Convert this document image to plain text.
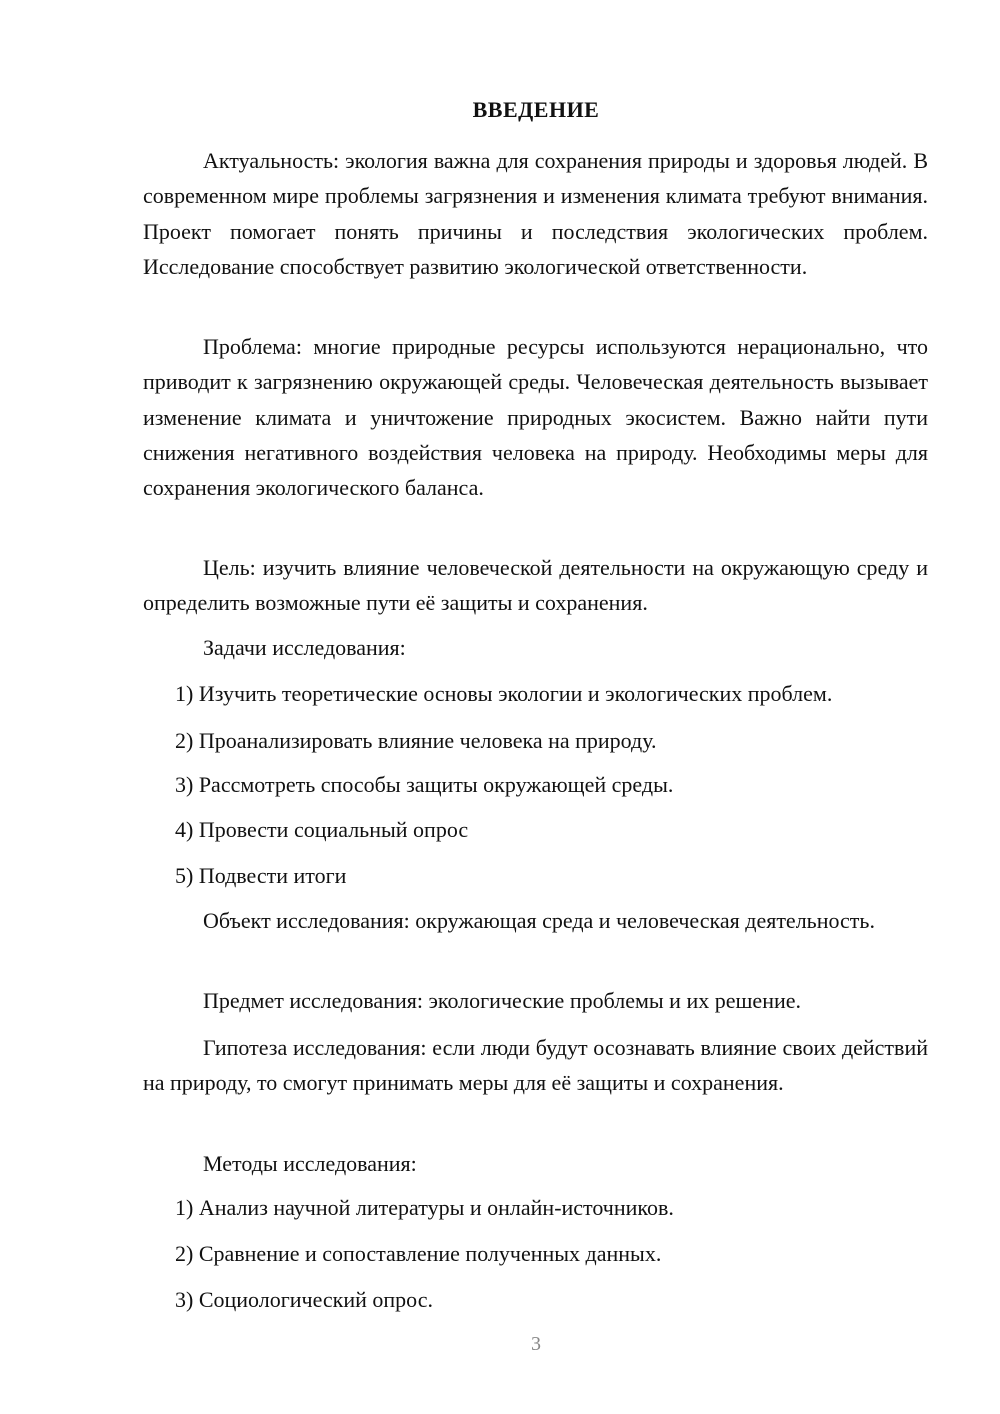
ВВЕДЕНИЕ

Актуальность: экология важна для сохранения природы и здоровья людей. В современном мире проблемы загрязнения и изменения климата требуют внимания. Проект помогает понять причины и последствия экологических проблем. Исследование способствует развитию экологической ответственности.

Проблема: многие природные ресурсы используются нерационально, что приводит к загрязнению окружающей среды. Человеческая деятельность вызывает изменение климата и уничтожение природных экосистем. Важно найти пути снижения негативного воздействия человека на природу. Необходимы меры для сохранения экологического баланса.

Цель: изучить влияние человеческой деятельности на окружающую среду и определить возможные пути её защиты и сохранения.

Задачи исследования:
1) Изучить теоретические основы экологии и экологических проблем.
2) Проанализировать влияние человека на природу.
3) Рассмотреть способы защиты окружающей среды.
4) Провести социальный опрос
5) Подвести итоги

Объект исследования: окружающая среда и человеческая деятельность.

Предмет исследования: экологические проблемы и их решение.

Гипотеза исследования: если люди будут осознавать влияние своих действий на природу, то смогут принимать меры для её защиты и сохранения.

Методы исследования:
1) Анализ научной литературы и онлайн-источников.
2) Сравнение и сопоставление полученных данных.
3) Социологический опрос.
3
